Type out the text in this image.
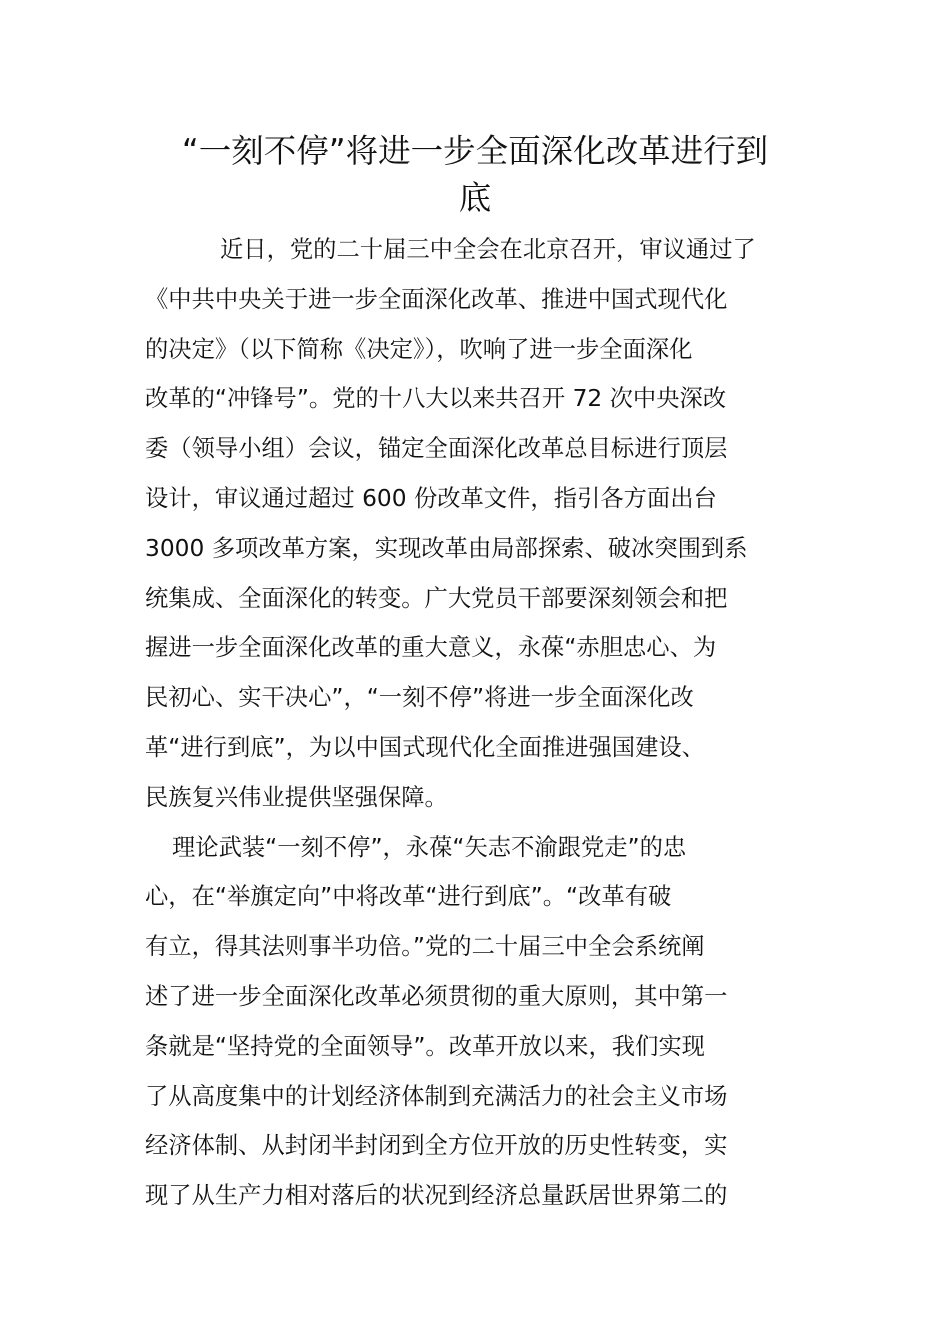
“一刻不停”将进一步全面深化改革进行到
底

近日，党的二十届三中全会在北京召开，审议通过了
《中共中央关于进一步全面深化改革、推进中国式现代化
的决定》（以下简称《决定》），吹响了进一步全面深化
改革的“冲锋号”。党的十八大以来共召开 72 次中央深改
委（领导小组）会议，锚定全面深化改革总目标进行顶层
设计，审议通过超过 600 份改革文件，指引各方面出台
3000 多项改革方案，实现改革由局部探索、破冰突围到系
统集成、全面深化的转变。广大党员干部要深刻领会和把
握进一步全面深化改革的重大意义，永葆“赤胆忠心、为
民初心、实干决心”，“一刻不停”将进一步全面深化改
革“进行到底”，为以中国式现代化全面推进强国建设、
民族复兴伟业提供坚强保障。

理论武装“一刻不停”，永葆“矢志不渝跟党走”的忠
心，在“举旗定向”中将改革“进行到底”。“改革有破
有立，得其法则事半功倍。”党的二十届三中全会系统阐
述了进一步全面深化改革必须贯彻的重大原则，其中第一
条就是“坚持党的全面领导”。改革开放以来，我们实现
了从高度集中的计划经济体制到充满活力的社会主义市场
经济体制、从封闭半封闭到全方位开放的历史性转变，实
现了从生产力相对落后的状况到经济总量跃居世界第二的
